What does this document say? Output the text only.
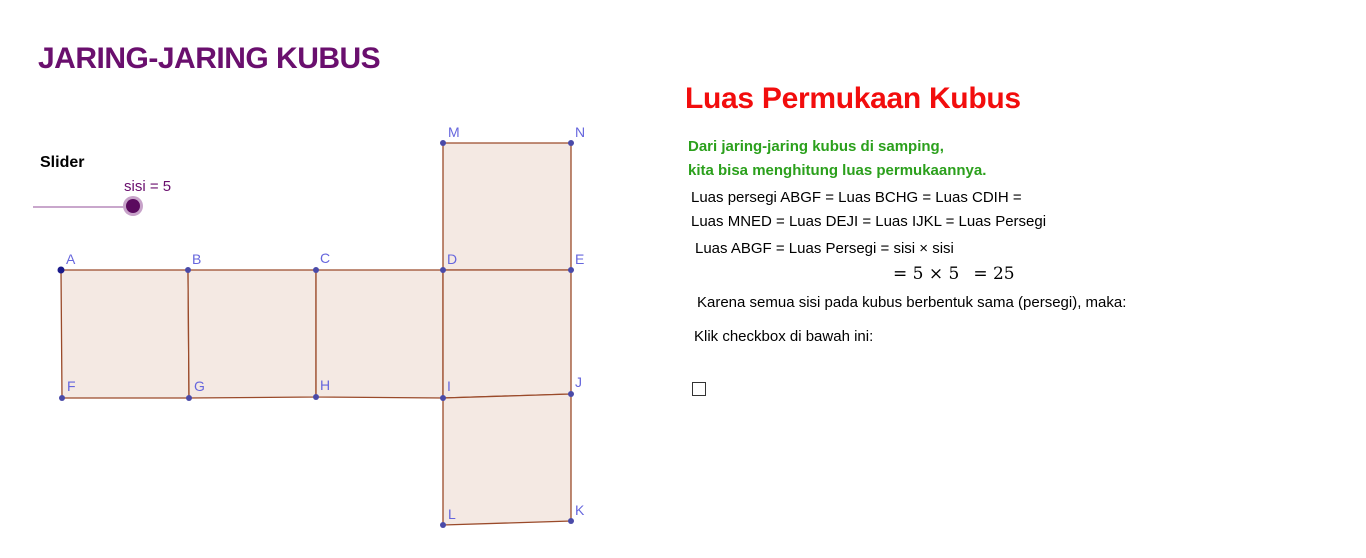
JARING-JARING KUBUS
Slider
sisi = 5
A	B	C	D	E
F	G	H	I	J
K
L
M	N
Luas Permukaan Kubus
Dari jaring-jaring kubus di samping,
kita bisa menghitung luas permukaannya.
Luas persegi ABGF = Luas BCHG = Luas CDIH =
Luas MNED = Luas DEJI = Luas IJKL = Luas Persegi
Luas ABGF = Luas Persegi = sisi × sisi
= 5 × 5 = 25
Karena semua sisi pada kubus berbentuk sama (persegi), maka:
Klik checkbox di bawah ini:
